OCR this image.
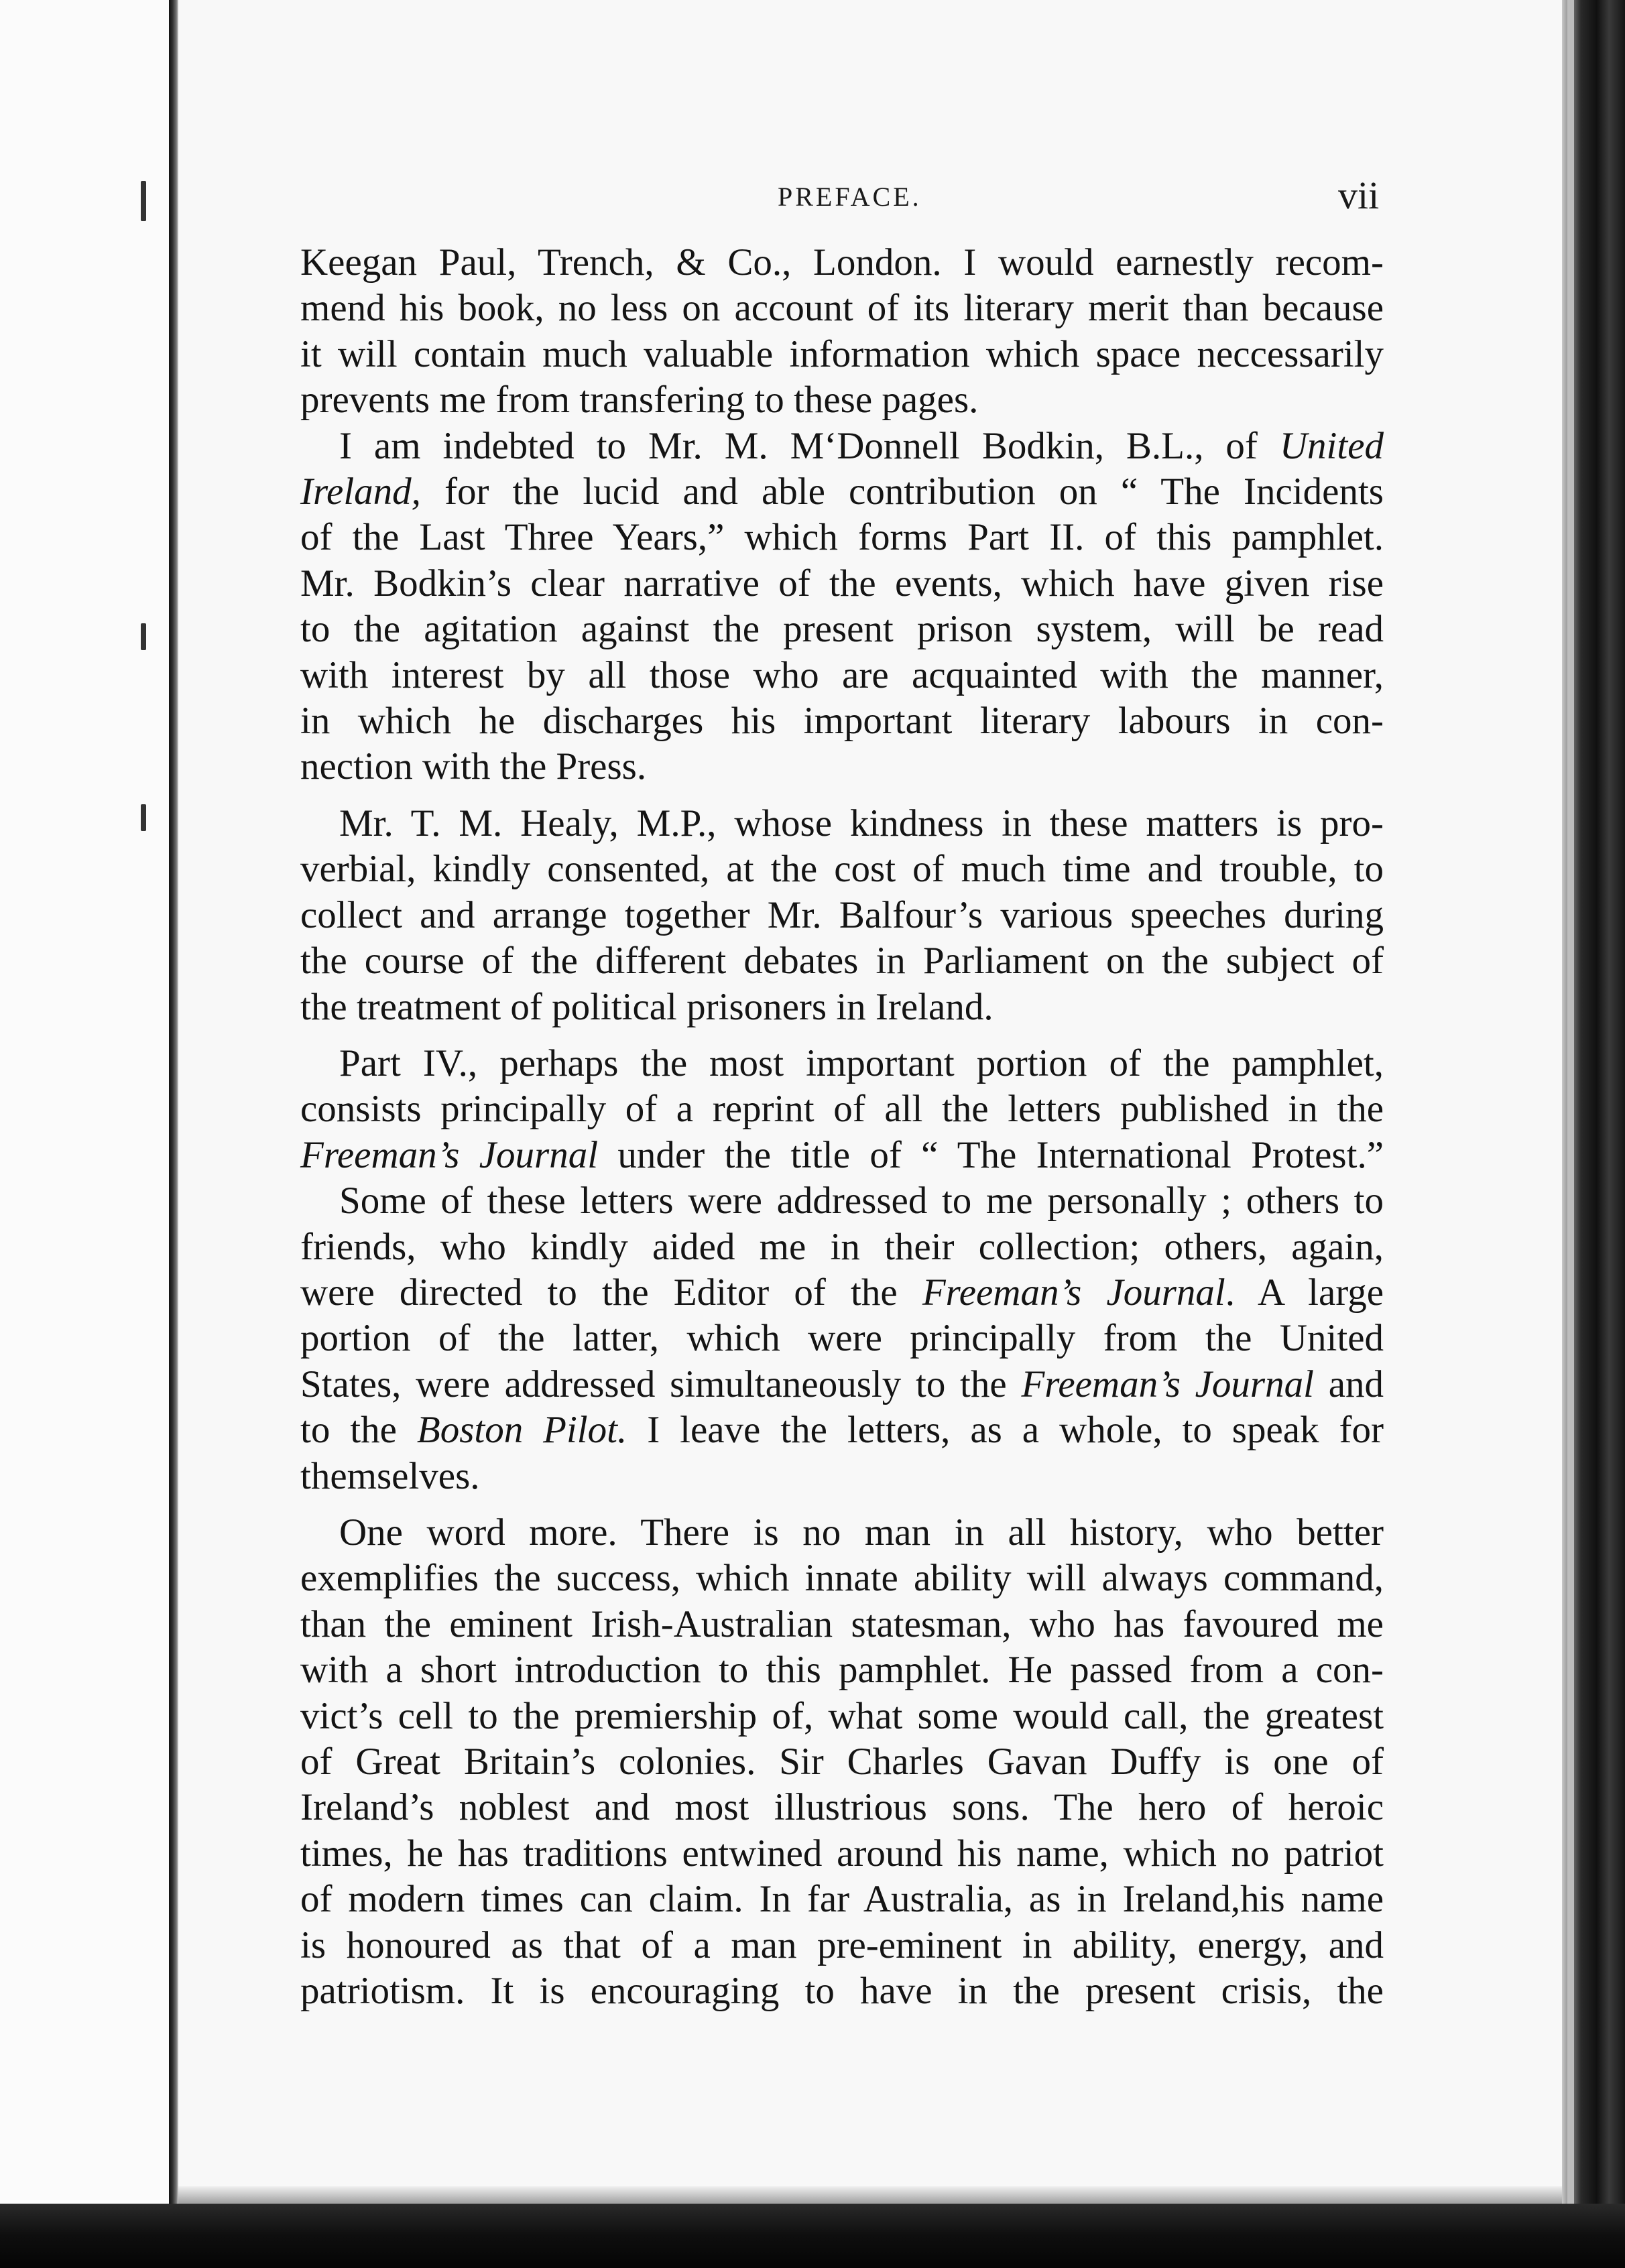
PREFACE.	vii

Keegan Paul, Trench, & Co., London. I would earnestly recom-
mend his book, no less on account of its literary merit than because
it will contain much valuable information which space neccessarily
prevents me from transfering to these pages.

I am indebted to Mr. M. M‘Donnell Bodkin, B.L., of United
Ireland, for the lucid and able contribution on “ The Incidents
of the Last Three Years,” which forms Part II. of this pamphlet.
Mr. Bodkin’s clear narrative of the events, which have given rise
to the agitation against the present prison system, will be read
with interest by all those who are acquainted with the manner,
in which he discharges his important literary labours in con-
nection with the Press.

Mr. T. M. Healy, M.P., whose kindness in these matters is pro-
verbial, kindly consented, at the cost of much time and trouble, to
collect and arrange together Mr. Balfour’s various speeches during
the course of the different debates in Parliament on the subject of
the treatment of political prisoners in Ireland.

Part IV., perhaps the most important portion of the pamphlet,
consists principally of a reprint of all the letters published in the
Freeman’s Journal under the title of “ The International Protest.”

Some of these letters were addressed to me personally ; others to
friends, who kindly aided me in their collection; others, again,
were directed to the Editor of the Freeman’s Journal. A large
portion of the latter, which were principally from the United
States, were addressed simultaneously to the Freeman’s Journal and
to the Boston Pilot. I leave the letters, as a whole, to speak for
themselves.

One word more. There is no man in all history, who better
exemplifies the success, which innate ability will always command,
than the eminent Irish-Australian statesman, who has favoured me
with a short introduction to this pamphlet. He passed from a con-
vict’s cell to the premiership of, what some would call, the greatest
of Great Britain’s colonies. Sir Charles Gavan Duffy is one of
Ireland’s noblest and most illustrious sons. The hero of heroic
times, he has traditions entwined around his name, which no patriot
of modern times can claim. In far Australia, as in Ireland,his name
is honoured as that of a man pre-eminent in ability, energy, and
patriotism. It is encouraging to have in the present crisis, the
